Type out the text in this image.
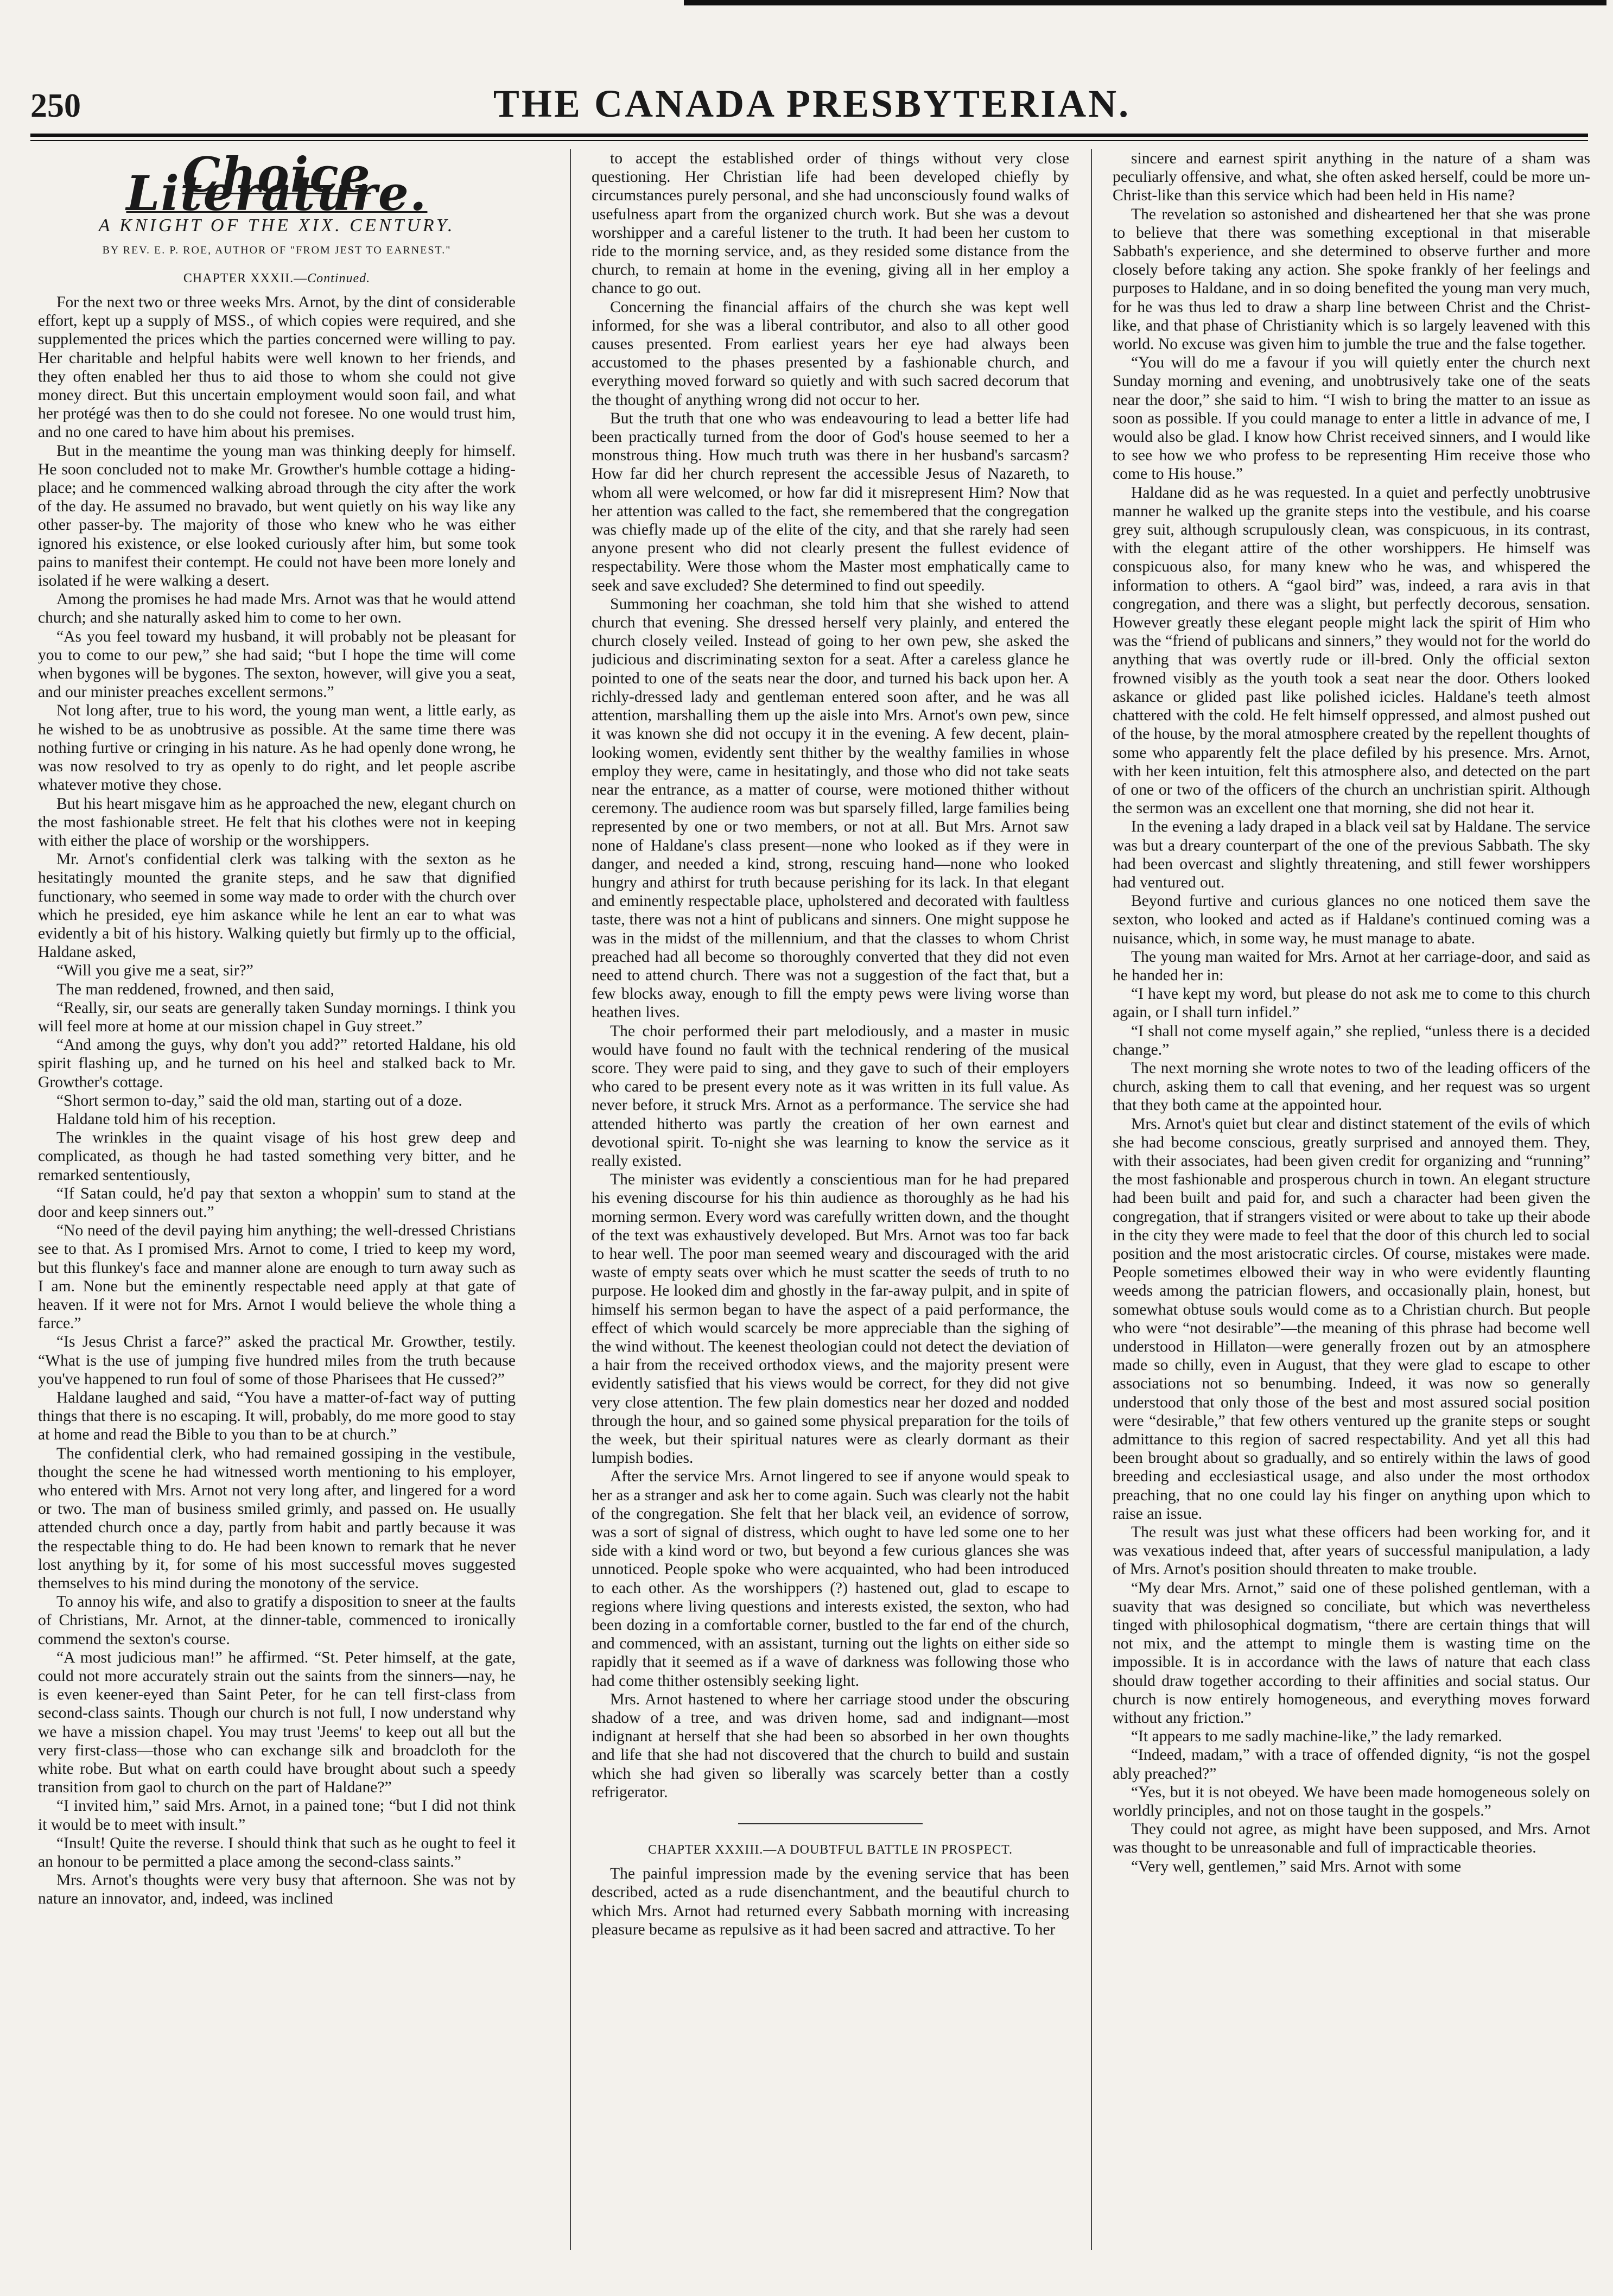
250	THE CANADA PRESBYTERIAN.
Choice Literature.
A KNIGHT OF THE XIX. CENTURY.
BY REV. E. P. ROE, AUTHOR OF "FROM JEST TO EARNEST."
CHAPTER XXXII.—Continued.

For the next two or three weeks Mrs. Arnot, by the dint of considerable effort, kept up a supply of MSS., of which copies were required, and she supplemented the prices which the parties concerned were willing to pay. Her charitable and helpful habits were well known to her friends, and they often enabled her thus to aid those to whom she could not give money direct. But this uncertain employment would soon fail, and what her protégé was then to do she could not foresee. No one would trust him, and no one cared to have him about his premises.

But in the meantime the young man was thinking deeply for himself. He soon concluded not to make Mr. Growther's humble cottage a hiding-place; and he commenced walking abroad through the city after the work of the day. He assumed no bravado, but went quietly on his way like any other passer-by. The majority of those who knew who he was either ignored his existence, or else looked curiously after him, but some took pains to manifest their contempt. He could not have been more lonely and isolated if he were walking a desert.

Among the promises he had made Mrs. Arnot was that he would attend church; and she naturally asked him to come to her own.

“As you feel toward my husband, it will probably not be pleasant for you to come to our pew,” she had said; “but I hope the time will come when bygones will be bygones. The sexton, however, will give you a seat, and our minister preaches excellent sermons.”

Not long after, true to his word, the young man went, a little early, as he wished to be as unobtrusive as possible. At the same time there was nothing furtive or cringing in his nature. As he had openly done wrong, he was now resolved to try as openly to do right, and let people ascribe whatever motive they chose.

But his heart misgave him as he approached the new, elegant church on the most fashionable street. He felt that his clothes were not in keeping with either the place of worship or the worshippers.

Mr. Arnot's confidential clerk was talking with the sexton as he hesitatingly mounted the granite steps, and he saw that dignified functionary, who seemed in some way made to order with the church over which he presided, eye him askance while he lent an ear to what was evidently a bit of his history. Walking quietly but firmly up to the official, Haldane asked,

“Will you give me a seat, sir?”

The man reddened, frowned, and then said,

“Really, sir, our seats are generally taken Sunday mornings. I think you will feel more at home at our mission chapel in Guy street.”

“And among the guys, why don't you add?” retorted Haldane, his old spirit flashing up, and he turned on his heel and stalked back to Mr. Growther's cottage.

“Short sermon to-day,” said the old man, starting out of a doze.

Haldane told him of his reception.

The wrinkles in the quaint visage of his host grew deep and complicated, as though he had tasted something very bitter, and he remarked sententiously,

“If Satan could, he'd pay that sexton a whoppin' sum to stand at the door and keep sinners out.”

“No need of the devil paying him anything; the well-dressed Christians see to that. As I promised Mrs. Arnot to come, I tried to keep my word, but this flunkey's face and manner alone are enough to turn away such as I am. None but the eminently respectable need apply at that gate of heaven. If it were not for Mrs. Arnot I would believe the whole thing a farce.”

“Is Jesus Christ a farce?” asked the practical Mr. Growther, testily. “What is the use of jumping five hundred miles from the truth because you've happened to run foul of some of those Pharisees that He cussed?”

Haldane laughed and said, “You have a matter-of-fact way of putting things that there is no escaping. It will, probably, do me more good to stay at home and read the Bible to you than to be at church.”

The confidential clerk, who had remained gossiping in the vestibule, thought the scene he had witnessed worth mentioning to his employer, who entered with Mrs. Arnot not very long after, and lingered for a word or two. The man of business smiled grimly, and passed on. He usually attended church once a day, partly from habit and partly because it was the respectable thing to do. He had been known to remark that he never lost anything by it, for some of his most successful moves suggested themselves to his mind during the monotony of the service.

To annoy his wife, and also to gratify a disposition to sneer at the faults of Christians, Mr. Arnot, at the dinner-table, commenced to ironically commend the sexton's course.

“A most judicious man!” he affirmed. “St. Peter himself, at the gate, could not more accurately strain out the saints from the sinners—nay, he is even keener-eyed than Saint Peter, for he can tell first-class from second-class saints. Though our church is not full, I now understand why we have a mission chapel. You may trust 'Jeems' to keep out all but the very first-class—those who can exchange silk and broadcloth for the white robe. But what on earth could have brought about such a speedy transition from gaol to church on the part of Haldane?”

“I invited him,” said Mrs. Arnot, in a pained tone; “but I did not think it would be to meet with insult.”

“Insult! Quite the reverse. I should think that such as he ought to feel it an honour to be permitted a place among the second-class saints.”

Mrs. Arnot's thoughts were very busy that afternoon. She was not by nature an innovator, and, indeed, was inclined

to accept the established order of things without very close questioning. Her Christian life had been developed chiefly by circumstances purely personal, and she had unconsciously found walks of usefulness apart from the organized church work. But she was a devout worshipper and a careful listener to the truth. It had been her custom to ride to the morning service, and, as they resided some distance from the church, to remain at home in the evening, giving all in her employ a chance to go out.

Concerning the financial affairs of the church she was kept well informed, for she was a liberal contributor, and also to all other good causes presented. From earliest years her eye had always been accustomed to the phases presented by a fashionable church, and everything moved forward so quietly and with such sacred decorum that the thought of anything wrong did not occur to her.

But the truth that one who was endeavouring to lead a better life had been practically turned from the door of God's house seemed to her a monstrous thing. How much truth was there in her husband's sarcasm? How far did her church represent the accessible Jesus of Nazareth, to whom all were welcomed, or how far did it misrepresent Him? Now that her attention was called to the fact, she remembered that the congregation was chiefly made up of the elite of the city, and that she rarely had seen anyone present who did not clearly present the fullest evidence of respectability. Were those whom the Master most emphatically came to seek and save excluded? She determined to find out speedily.

Summoning her coachman, she told him that she wished to attend church that evening. She dressed herself very plainly, and entered the church closely veiled. Instead of going to her own pew, she asked the judicious and discriminating sexton for a seat. After a careless glance he pointed to one of the seats near the door, and turned his back upon her. A richly-dressed lady and gentleman entered soon after, and he was all attention, marshalling them up the aisle into Mrs. Arnot's own pew, since it was known she did not occupy it in the evening. A few decent, plain-looking women, evidently sent thither by the wealthy families in whose employ they were, came in hesitatingly, and those who did not take seats near the entrance, as a matter of course, were motioned thither without ceremony. The audience room was but sparsely filled, large families being represented by one or two members, or not at all. But Mrs. Arnot saw none of Haldane's class present—none who looked as if they were in danger, and needed a kind, strong, rescuing hand—none who looked hungry and athirst for truth because perishing for its lack. In that elegant and eminently respectable place, upholstered and decorated with faultless taste, there was not a hint of publicans and sinners. One might suppose he was in the midst of the millennium, and that the classes to whom Christ preached had all become so thoroughly converted that they did not even need to attend church. There was not a suggestion of the fact that, but a few blocks away, enough to fill the empty pews were living worse than heathen lives.

The choir performed their part melodiously, and a master in music would have found no fault with the technical rendering of the musical score. They were paid to sing, and they gave to such of their employers who cared to be present every note as it was written in its full value. As never before, it struck Mrs. Arnot as a performance. The service she had attended hitherto was partly the creation of her own earnest and devotional spirit. To-night she was learning to know the service as it really existed.

The minister was evidently a conscientious man for he had prepared his evening discourse for his thin audience as thoroughly as he had his morning sermon. Every word was carefully written down, and the thought of the text was exhaustively developed. But Mrs. Arnot was too far back to hear well. The poor man seemed weary and discouraged with the arid waste of empty seats over which he must scatter the seeds of truth to no purpose. He looked dim and ghostly in the far-away pulpit, and in spite of himself his sermon began to have the aspect of a paid performance, the effect of which would scarcely be more appreciable than the sighing of the wind without. The keenest theologian could not detect the deviation of a hair from the received orthodox views, and the majority present were evidently satisfied that his views would be correct, for they did not give very close attention. The few plain domestics near her dozed and nodded through the hour, and so gained some physical preparation for the toils of the week, but their spiritual natures were as clearly dormant as their lumpish bodies.

After the service Mrs. Arnot lingered to see if anyone would speak to her as a stranger and ask her to come again. Such was clearly not the habit of the congregation. She felt that her black veil, an evidence of sorrow, was a sort of signal of distress, which ought to have led some one to her side with a kind word or two, but beyond a few curious glances she was unnoticed. People spoke who were acquainted, who had been introduced to each other. As the worshippers (?) hastened out, glad to escape to regions where living questions and interests existed, the sexton, who had been dozing in a comfortable corner, bustled to the far end of the church, and commenced, with an assistant, turning out the lights on either side so rapidly that it seemed as if a wave of darkness was following those who had come thither ostensibly seeking light.

Mrs. Arnot hastened to where her carriage stood under the obscuring shadow of a tree, and was driven home, sad and indignant—most indignant at herself that she had been so absorbed in her own thoughts and life that she had not discovered that the church to build and sustain which she had given so liberally was scarcely better than a costly refrigerator.

CHAPTER XXXIII.—A DOUBTFUL BATTLE IN PROSPECT.

The painful impression made by the evening service that has been described, acted as a rude disenchantment, and the beautiful church to which Mrs. Arnot had returned every Sabbath morning with increasing pleasure became as repulsive as it had been sacred and attractive. To her

sincere and earnest spirit anything in the nature of a sham was peculiarly offensive, and what, she often asked herself, could be more un-Christ-like than this service which had been held in His name?

The revelation so astonished and disheartened her that she was prone to believe that there was something exceptional in that miserable Sabbath's experience, and she determined to observe further and more closely before taking any action. She spoke frankly of her feelings and purposes to Haldane, and in so doing benefited the young man very much, for he was thus led to draw a sharp line between Christ and the Christ-like, and that phase of Christianity which is so largely leavened with this world. No excuse was given him to jumble the true and the false together.

“You will do me a favour if you will quietly enter the church next Sunday morning and evening, and unobtrusively take one of the seats near the door,” she said to him. “I wish to bring the matter to an issue as soon as possible. If you could manage to enter a little in advance of me, I would also be glad. I know how Christ received sinners, and I would like to see how we who profess to be representing Him receive those who come to His house.”

Haldane did as he was requested. In a quiet and perfectly unobtrusive manner he walked up the granite steps into the vestibule, and his coarse grey suit, although scrupulously clean, was conspicuous, in its contrast, with the elegant attire of the other worshippers. He himself was conspicuous also, for many knew who he was, and whispered the information to others. A “gaol bird” was, indeed, a rara avis in that congregation, and there was a slight, but perfectly decorous, sensation. However greatly these elegant people might lack the spirit of Him who was the “friend of publicans and sinners,” they would not for the world do anything that was overtly rude or ill-bred. Only the official sexton frowned visibly as the youth took a seat near the door. Others looked askance or glided past like polished icicles. Haldane's teeth almost chattered with the cold. He felt himself oppressed, and almost pushed out of the house, by the moral atmosphere created by the repellent thoughts of some who apparently felt the place defiled by his presence. Mrs. Arnot, with her keen intuition, felt this atmosphere also, and detected on the part of one or two of the officers of the church an unchristian spirit. Although the sermon was an excellent one that morning, she did not hear it.

In the evening a lady draped in a black veil sat by Haldane. The service was but a dreary counterpart of the one of the previous Sabbath. The sky had been overcast and slightly threatening, and still fewer worshippers had ventured out.

Beyond furtive and curious glances no one noticed them save the sexton, who looked and acted as if Haldane's continued coming was a nuisance, which, in some way, he must manage to abate.

The young man waited for Mrs. Arnot at her carriage-door, and said as he handed her in:

“I have kept my word, but please do not ask me to come to this church again, or I shall turn infidel.”

“I shall not come myself again,” she replied, “unless there is a decided change.”

The next morning she wrote notes to two of the leading officers of the church, asking them to call that evening, and her request was so urgent that they both came at the appointed hour.

Mrs. Arnot's quiet but clear and distinct statement of the evils of which she had become conscious, greatly surprised and annoyed them. They, with their associates, had been given credit for organizing and “running” the most fashionable and prosperous church in town. An elegant structure had been built and paid for, and such a character had been given the congregation, that if strangers visited or were about to take up their abode in the city they were made to feel that the door of this church led to social position and the most aristocratic circles. Of course, mistakes were made. People sometimes elbowed their way in who were evidently flaunting weeds among the patrician flowers, and occasionally plain, honest, but somewhat obtuse souls would come as to a Christian church. But people who were “not desirable”—the meaning of this phrase had become well understood in Hillaton—were generally frozen out by an atmosphere made so chilly, even in August, that they were glad to escape to other associations not so benumbing. Indeed, it was now so generally understood that only those of the best and most assured social position were “desirable,” that few others ventured up the granite steps or sought admittance to this region of sacred respectability. And yet all this had been brought about so gradually, and so entirely within the laws of good breeding and ecclesiastical usage, and also under the most orthodox preaching, that no one could lay his finger on anything upon which to raise an issue.

The result was just what these officers had been working for, and it was vexatious indeed that, after years of successful manipulation, a lady of Mrs. Arnot's position should threaten to make trouble.

“My dear Mrs. Arnot,” said one of these polished gentleman, with a suavity that was designed so conciliate, but which was nevertheless tinged with philosophical dogmatism, “there are certain things that will not mix, and the attempt to mingle them is wasting time on the impossible. It is in accordance with the laws of nature that each class should draw together according to their affinities and social status. Our church is now entirely homogeneous, and everything moves forward without any friction.”

“It appears to me sadly machine-like,” the lady remarked.

“Indeed, madam,” with a trace of offended dignity, “is not the gospel ably preached?”

“Yes, but it is not obeyed. We have been made homogeneous solely on worldly principles, and not on those taught in the gospels.”

They could not agree, as might have been supposed, and Mrs. Arnot was thought to be unreasonable and full of impracticable theories.

“Very well, gentlemen,” said Mrs. Arnot with some
